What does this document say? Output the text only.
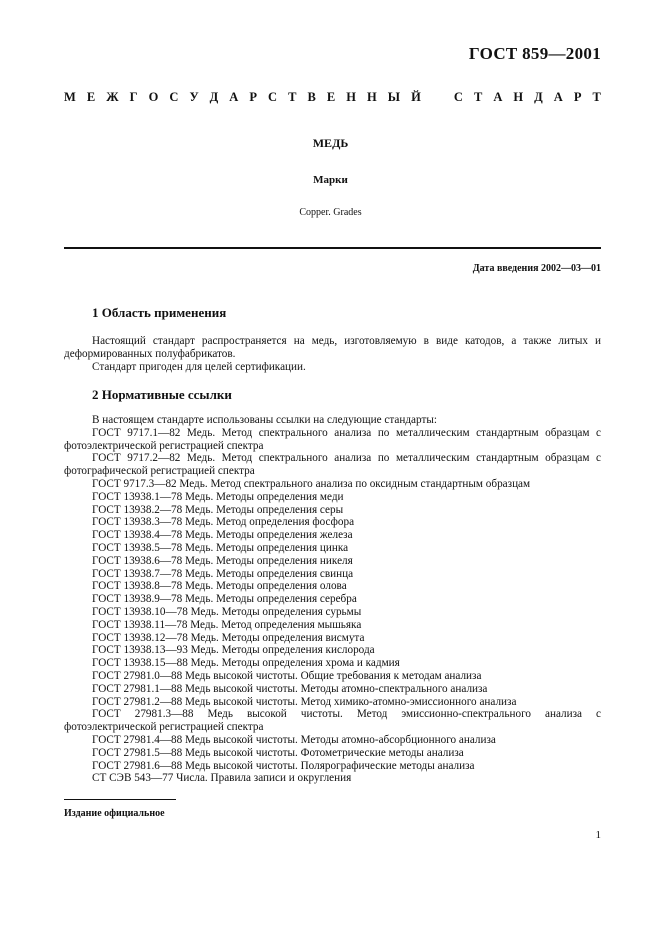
ГОСТ 859—2001
М Е Ж Г О С У Д А Р С Т В Е Н Н Ы Й	С Т А Н Д А Р Т
МЕДЬ
Марки
Copper. Grades
Дата введения 2002—03—01
1 Область применения
Настоящий стандарт распространяется на медь, изготовляемую в виде катодов, а также литых и деформированных полуфабрикатов.
Стандарт пригоден для целей сертификации.
2 Нормативные ссылки
В настоящем стандарте использованы ссылки на следующие стандарты:
ГОСТ 9717.1—82 Медь. Метод спектрального анализа по металлическим стандартным образцам с фотоэлектрической регистрацией спектра
ГОСТ 9717.2—82 Медь. Метод спектрального анализа по металлическим стандартным образцам с фотографической регистрацией спектра
ГОСТ 9717.3—82 Медь. Метод спектрального анализа по оксидным стандартным образцам
ГОСТ 13938.1—78 Медь. Методы определения меди
ГОСТ 13938.2—78 Медь. Методы определения серы
ГОСТ 13938.3—78 Медь. Метод определения фосфора
ГОСТ 13938.4—78 Медь. Методы определения железа
ГОСТ 13938.5—78 Медь. Методы определения цинка
ГОСТ 13938.6—78 Медь. Методы определения никеля
ГОСТ 13938.7—78 Медь. Методы определения свинца
ГОСТ 13938.8—78 Медь. Методы определения олова
ГОСТ 13938.9—78 Медь. Методы определения серебра
ГОСТ 13938.10—78 Медь. Методы определения сурьмы
ГОСТ 13938.11—78 Медь. Метод определения мышьяка
ГОСТ 13938.12—78 Медь. Методы определения висмута
ГОСТ 13938.13—93 Медь. Методы определения кислорода
ГОСТ 13938.15—88 Медь. Методы определения хрома и кадмия
ГОСТ 27981.0—88 Медь высокой чистоты. Общие требования к методам анализа
ГОСТ 27981.1—88 Медь высокой чистоты. Методы атомно-спектрального анализа
ГОСТ 27981.2—88 Медь высокой чистоты. Метод химико-атомно-эмиссионного анализа
ГОСТ 27981.3—88 Медь высокой чистоты. Метод эмиссионно-спектрального анализа с фотоэлектрической регистрацией спектра
ГОСТ 27981.4—88 Медь высокой чистоты. Методы атомно-абсорбционного анализа
ГОСТ 27981.5—88 Медь высокой чистоты. Фотометрические методы анализа
ГОСТ 27981.6—88 Медь высокой чистоты. Полярографические методы анализа
СТ СЭВ 543—77 Числа. Правила записи и округления
Издание официальное
1
